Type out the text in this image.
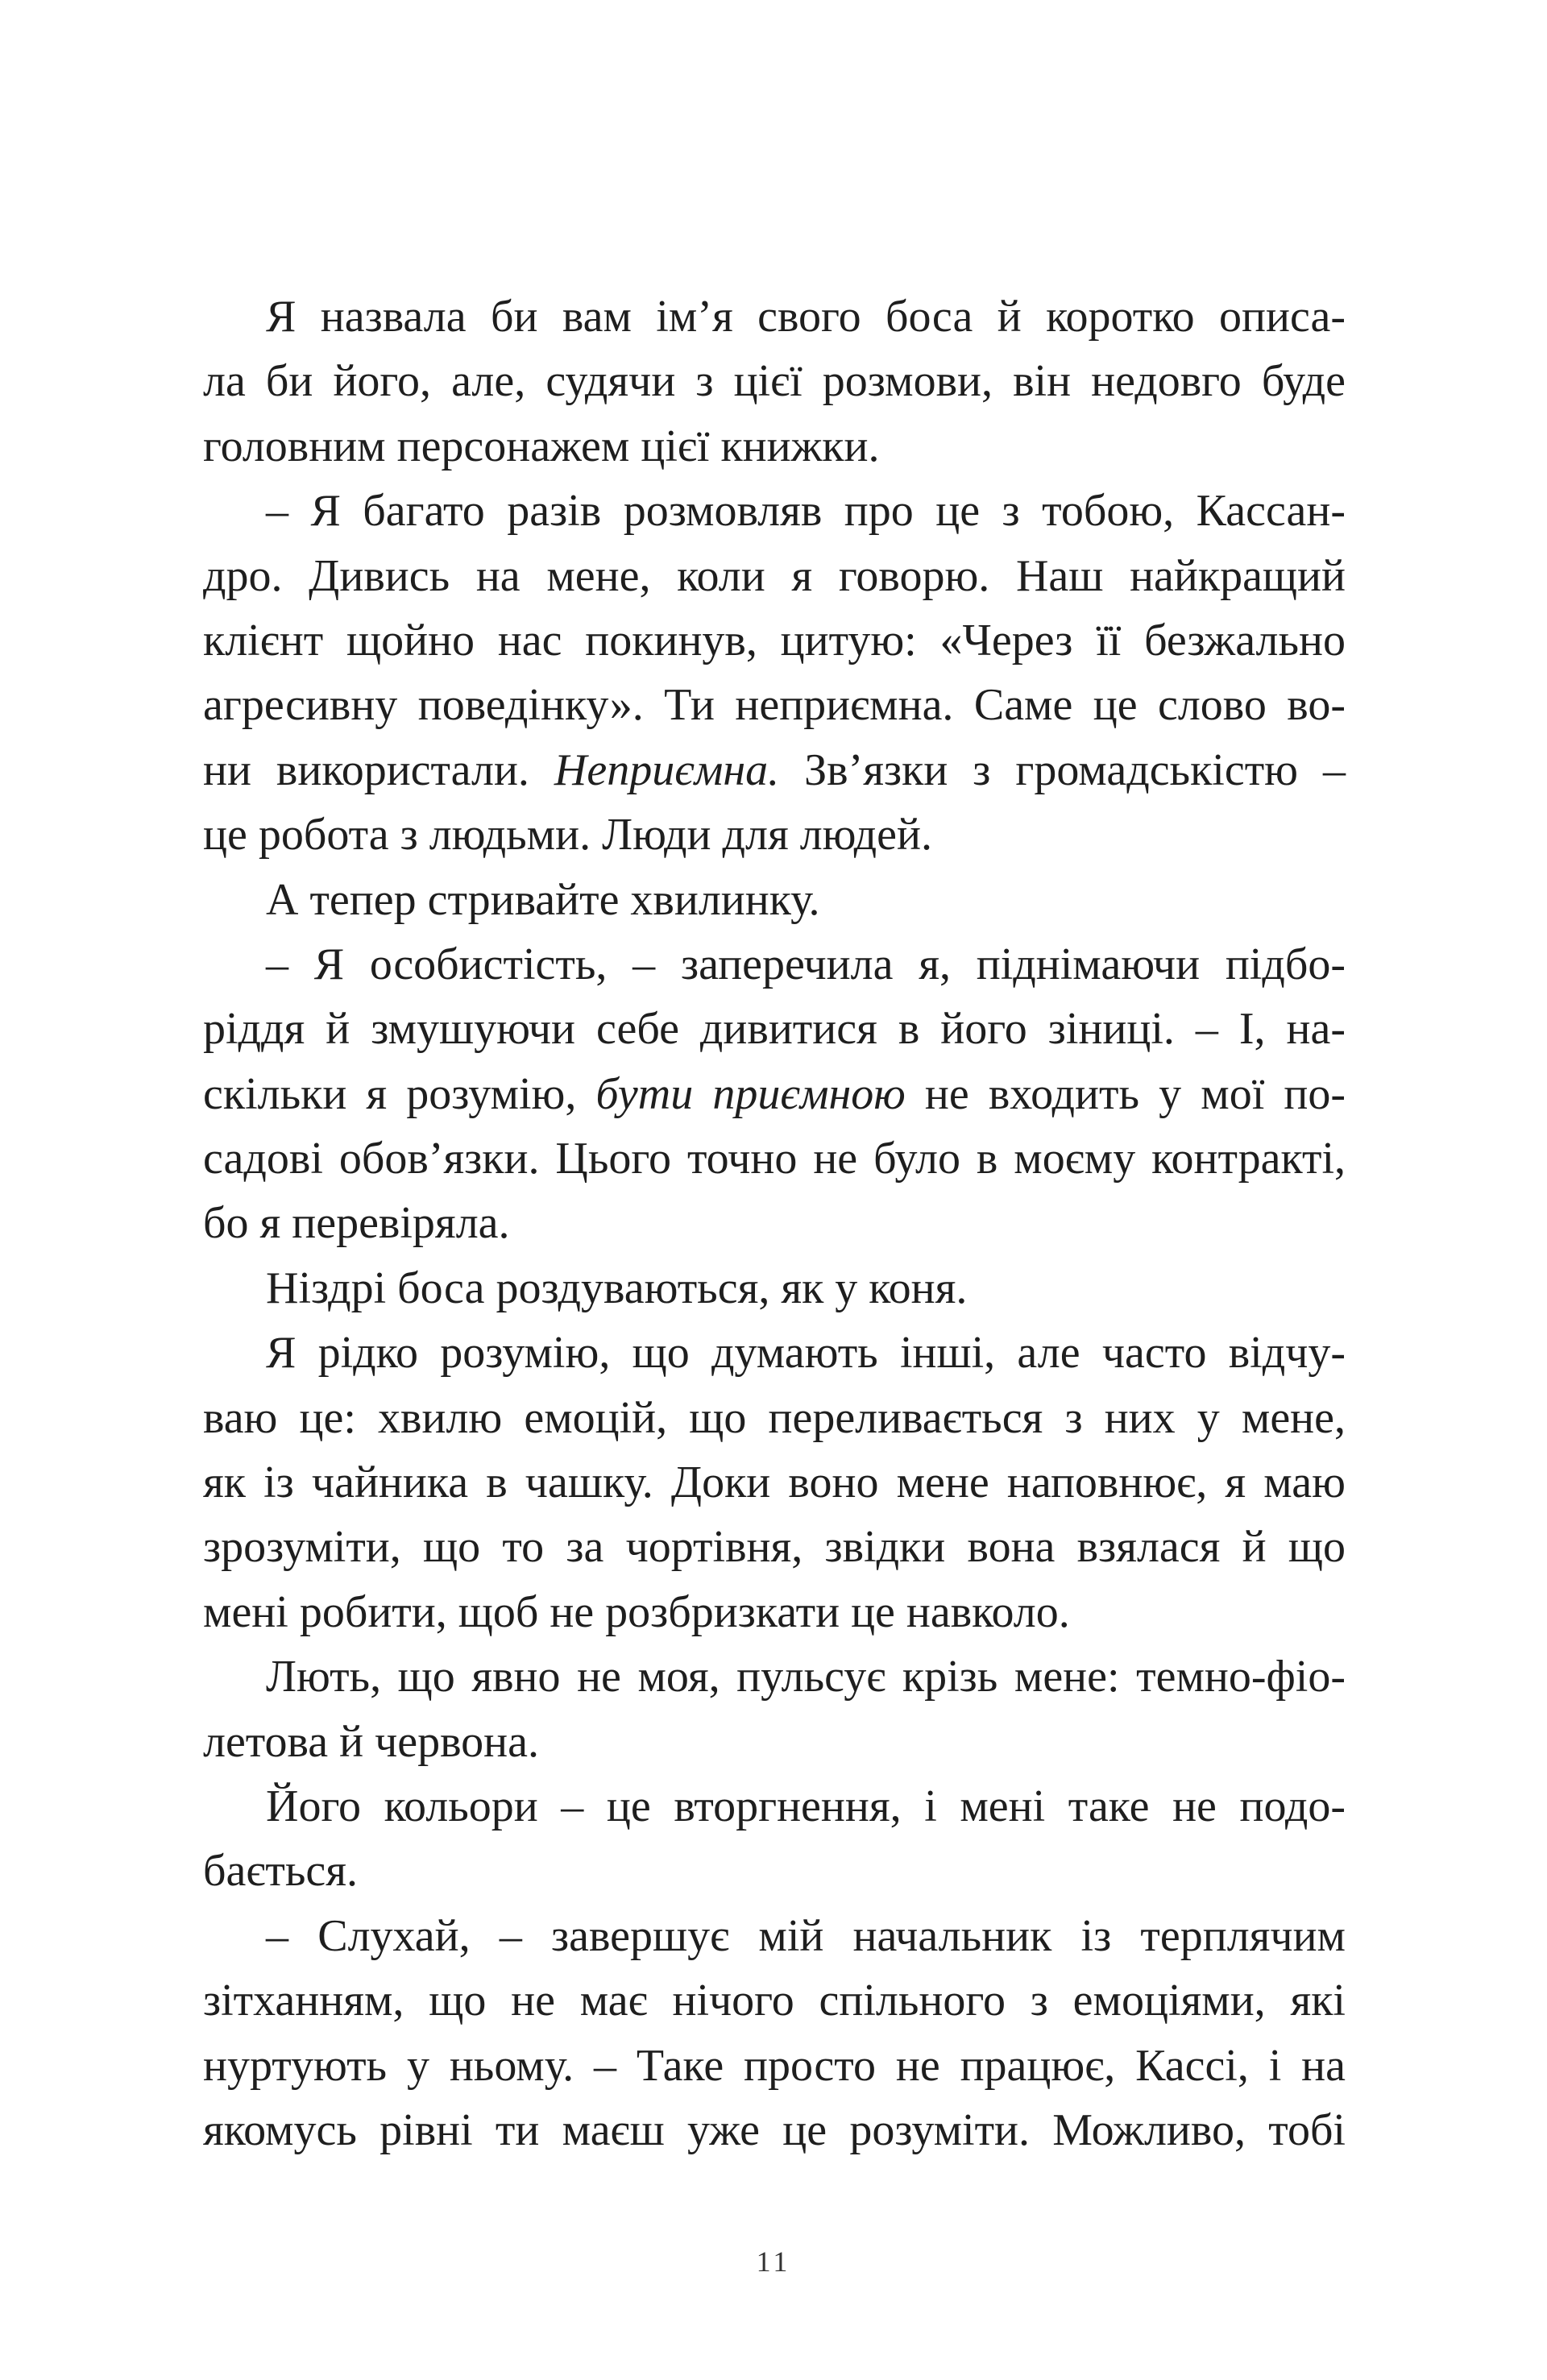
Я назвала би вам ім’я свого боса й коротко описа-
ла би його, але, судячи з цієї розмови, він недовго буде
головним персонажем цієї книжки.
– Я багато разів розмовляв про це з тобою, Кассан-
дро. Дивись на мене, коли я говорю. Наш найкращий
клієнт щойно нас покинув, цитую: «Через її безжально
агресивну поведінку». Ти неприємна. Саме це слово во-
ни використали. Неприємна. Зв’язки з громадськістю –
це робота з людьми. Люди для людей.
А тепер стривайте хвилинку.
– Я особистість, – заперечила я, піднімаючи підбо-
ріддя й змушуючи себе дивитися в його зіниці. – І, на-
скільки я розумію, бути приємною не входить у мої по-
садові обов’язки. Цього точно не було в моєму контракті,
бо я перевіряла.
Ніздрі боса роздуваються, як у коня.
Я рідко розумію, що думають інші, але часто відчу-
ваю це: хвилю емоцій, що переливається з них у мене,
як із чайника в чашку. Доки воно мене наповнює, я маю
зрозуміти, що то за чортівня, звідки вона взялася й що
мені робити, щоб не розбризкати це навколо.
Лють, що явно не моя, пульсує крізь мене: темно-фіо-
летова й червона.
Його кольори – це вторгнення, і мені таке не подо-
бається.
– Слухай, – завершує мій начальник із терплячим
зітханням, що не має нічого спільного з емоціями, які
нуртують у ньому. – Таке просто не працює, Кассі, і на
якомусь рівні ти маєш уже це розуміти. Можливо, тобі
11
